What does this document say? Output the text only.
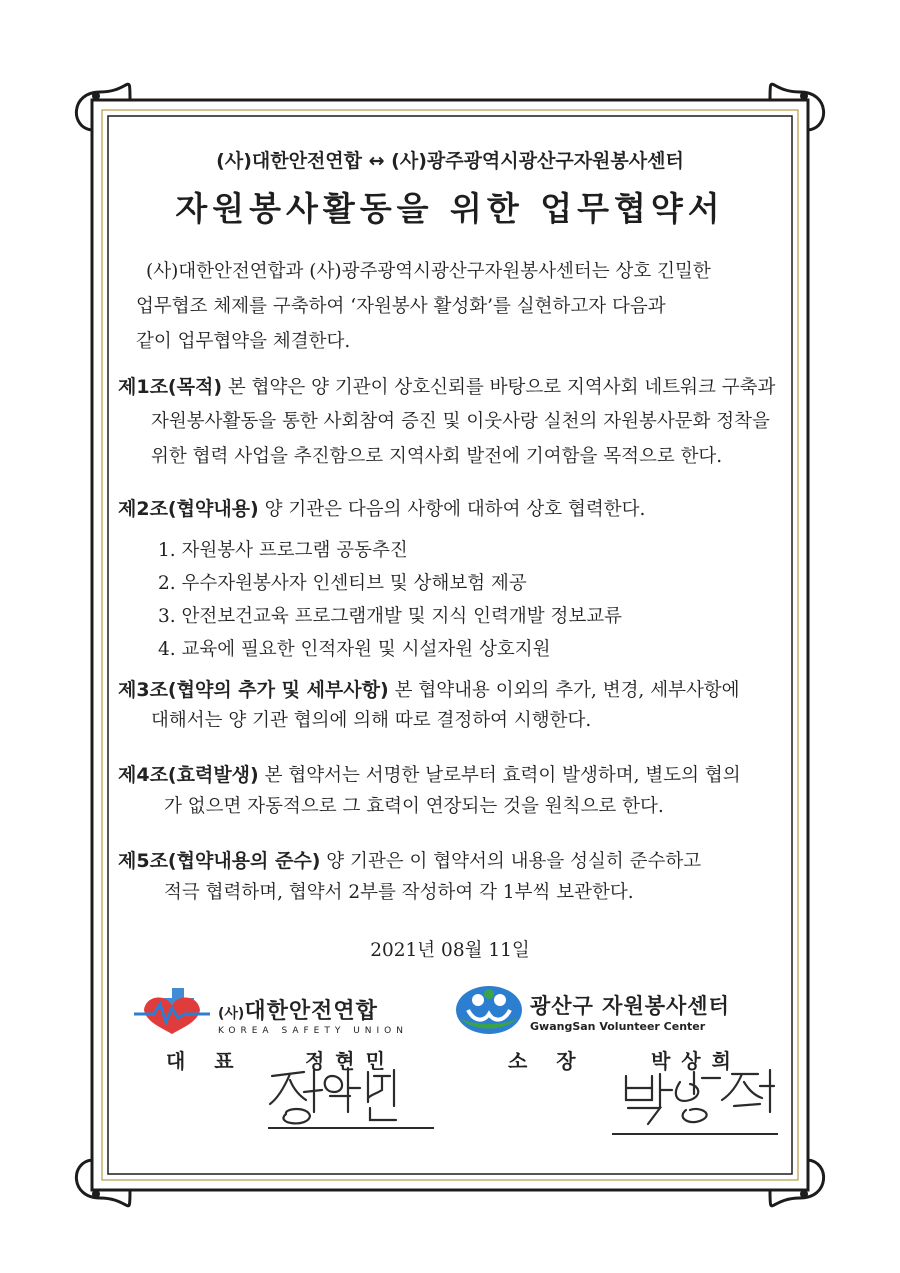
(사)대한안전연합 ↔ (사)광주광역시광산구자원봉사센터
자원봉사활동을 위한 업무협약서
(사)대한안전연합과 (사)광주광역시광산구자원봉사센터는 상호 긴밀한
업무협조 체제를 구축하여 ‘자원봉사 활성화’를 실현하고자 다음과
같이 업무협약을 체결한다.
제1조(목적) 본 협약은 양 기관이 상호신뢰를 바탕으로 지역사회 네트워크 구축과
자원봉사활동을 통한 사회참여 증진 및 이웃사랑 실천의 자원봉사문화 정착을
위한 협력 사업을 추진함으로 지역사회 발전에 기여함을 목적으로 한다.
제2조(협약내용) 양 기관은 다음의 사항에 대하여 상호 협력한다.
1. 자원봉사 프로그램 공동추진
2. 우수자원봉사자 인센티브 및 상해보험 제공
3. 안전보건교육 프로그램개발 및 지식 인력개발 정보교류
4. 교육에 필요한 인적자원 및 시설자원 상호지원
제3조(협약의 추가 및 세부사항) 본 협약내용 이외의 추가, 변경, 세부사항에
대해서는 양 기관 협의에 의해 따로 결정하여 시행한다.
제4조(효력발생) 본 협약서는 서명한 날로부터 효력이 발생하며, 별도의 협의
가 없으면 자동적으로 그 효력이 연장되는 것을 원칙으로 한다.
제5조(협약내용의 준수) 양 기관은 이 협약서의 내용을 성실히 준수하고
적극 협력하며, 협약서 2부를 작성하여 각 1부씩 보관한다.
2021년 08월 11일
(사)대한안전연합
KOREA SAFETY UNION
광산구 자원봉사센터
GwangSan Volunteer Center
대   표	정 현 민	소   장	박 상 희
